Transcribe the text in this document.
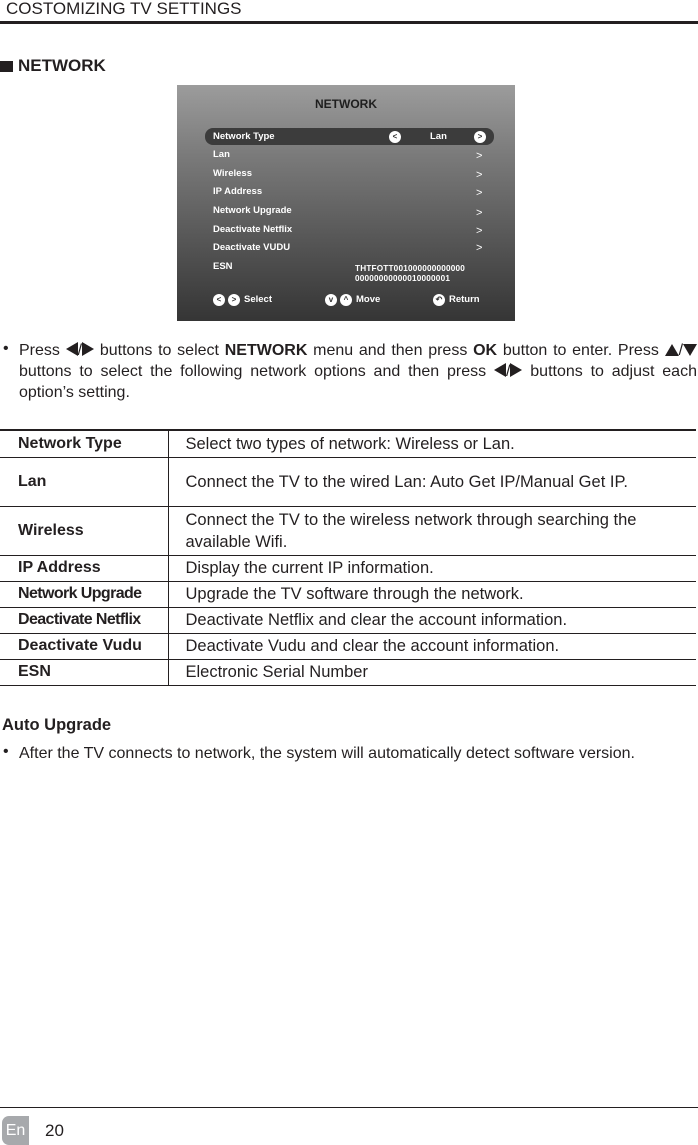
COSTOMIZING TV SETTINGS
NETWORK
NETWORK
Network Type	<	Lan	>
Lan	>
Wireless	>
IP Address	>
Network Upgrade	>
Deactivate Netflix	>
Deactivate VUDU	>
ESN	THTFOTT001000000000000
00000000000010000001
<	> Select	v	^ Move	↶ Return
• Press / buttons to select NETWORK menu and then press OK button to enter. Press / buttons to select the following network options and then press / buttons to adjust each option’s setting.
Network Type	Select two types of network: Wireless or Lan.
Lan	Connect the TV to the wired Lan: Auto Get IP/Manual Get IP.
Wireless	Connect the TV to the wireless network through searching the available Wifi.
IP Address	Display the current IP information.
Network Upgrade	Upgrade the TV software through the network.
Deactivate Netflix	Deactivate Netflix and clear the account information.
Deactivate Vudu	Deactivate Vudu and clear the account information.
ESN	Electronic Serial Number
Auto Upgrade
• After the TV connects to network, the system will automatically detect software version.
En 20
